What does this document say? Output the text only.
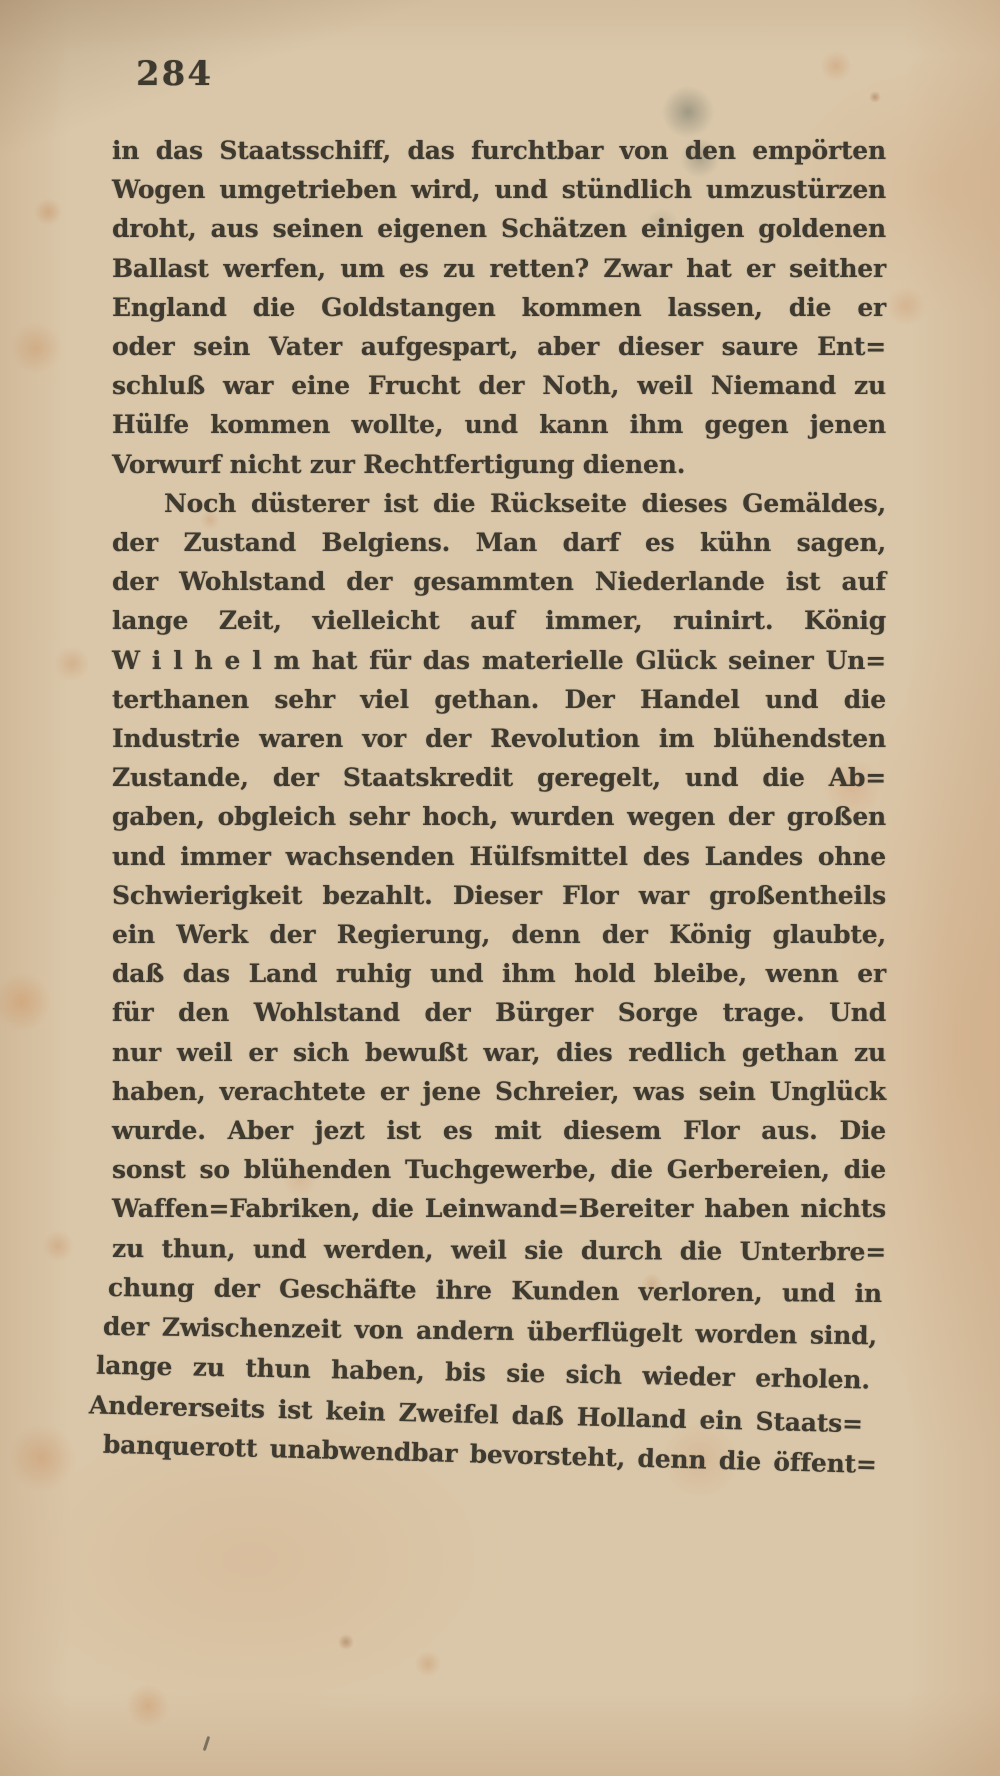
284
in das Staatsschiff, das furchtbar von den empörten
Wogen umgetrieben wird, und stündlich umzustürzen
droht, aus seinen eigenen Schätzen einigen goldenen
Ballast werfen, um es zu retten? Zwar hat er seither
England die Goldstangen kommen lassen, die er
oder sein Vater aufgespart, aber dieser saure Ent=
schluß war eine Frucht der Noth, weil Niemand zu
Hülfe kommen wollte, und kann ihm gegen jenen
Vorwurf nicht zur Rechtfertigung dienen.
Noch düsterer ist die Rückseite dieses Gemäldes,
der Zustand Belgiens. Man darf es kühn sagen,
der Wohlstand der gesammten Niederlande ist auf
lange Zeit, vielleicht auf immer, ruinirt. König
W i l h e l m hat für das materielle Glück seiner Un=
terthanen sehr viel gethan. Der Handel und die
Industrie waren vor der Revolution im blühendsten
Zustande, der Staatskredit geregelt, und die Ab=
gaben, obgleich sehr hoch, wurden wegen der großen
und immer wachsenden Hülfsmittel des Landes ohne
Schwierigkeit bezahlt. Dieser Flor war großentheils
ein Werk der Regierung, denn der König glaubte,
daß das Land ruhig und ihm hold bleibe, wenn er
für den Wohlstand der Bürger Sorge trage. Und
nur weil er sich bewußt war, dies redlich gethan zu
haben, verachtete er jene Schreier, was sein Unglück
wurde. Aber jezt ist es mit diesem Flor aus. Die
sonst so blühenden Tuchgewerbe, die Gerbereien, die
Waffen=Fabriken, die Leinwand=Bereiter haben nichts
zu thun, und werden, weil sie durch die Unterbre=
chung der Geschäfte ihre Kunden verloren, und in
der Zwischenzeit von andern überflügelt worden sind,
lange zu thun haben, bis sie sich wieder erholen.
Andererseits ist kein Zweifel daß Holland ein Staats=
banquerott unabwendbar bevorsteht, denn die öffent=
